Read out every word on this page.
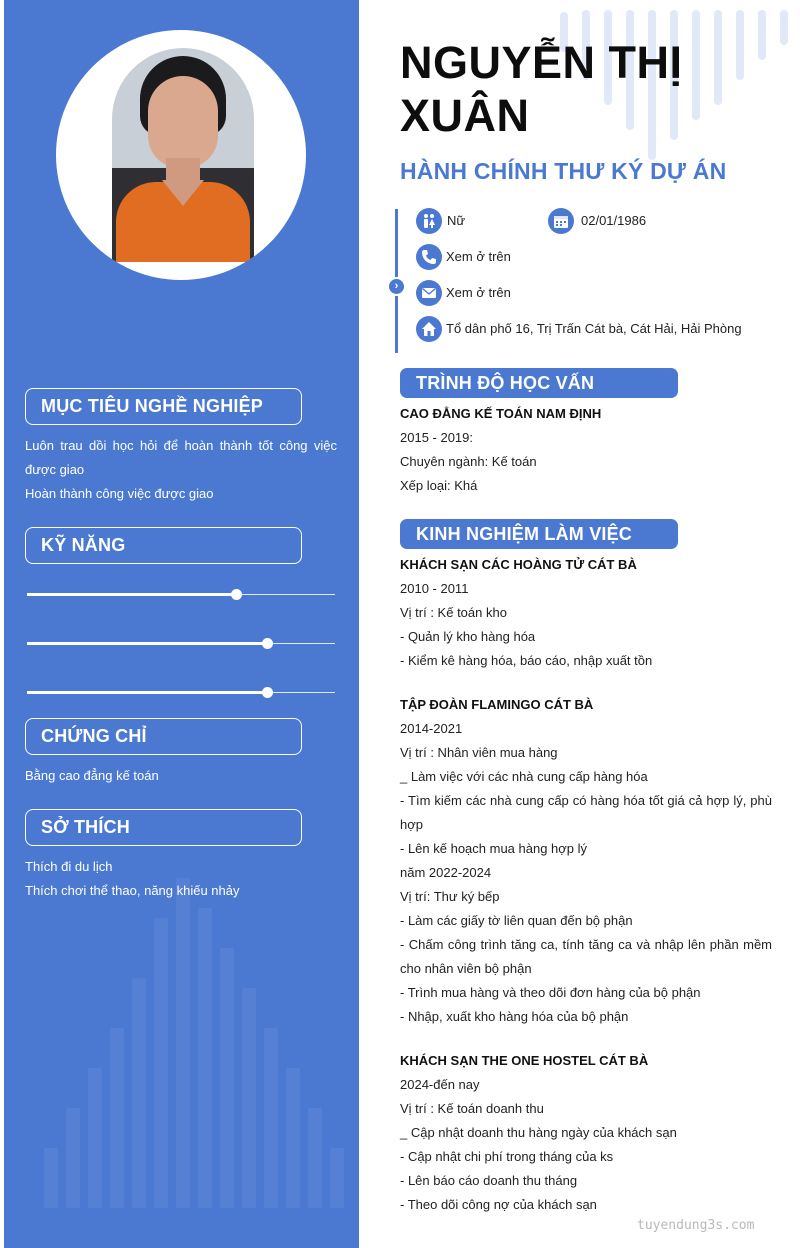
MỤC TIÊU NGHỀ NGHIỆP
Luôn trau dồi học hỏi để hoàn thành tốt công việc được giao
Hoàn thành công việc được giao
KỸ NĂNG
CHỨNG CHỈ
Bằng cao đẳng kế toán
SỞ THÍCH
Thích đi du lịch
Thích chơi thể thao, năng khiếu nhảy
NGUYỄN THỊ XUÂN
HÀNH CHÍNH THƯ KÝ DỰ ÁN
›
Nữ	02/01/1986
Xem ở trên
Xem ở trên
Tổ dân phố 16, Trị Trấn Cát bà, Cát Hải, Hải Phòng
TRÌNH ĐỘ HỌC VẤN
CAO ĐẲNG KẾ TOÁN NAM ĐỊNH
2015 - 2019:
Chuyên ngành: Kế toán
Xếp loại: Khá
KINH NGHIỆM LÀM VIỆC
KHÁCH SẠN CÁC HOÀNG TỬ CÁT BÀ
2010 - 2011
Vị trí : Kế toán kho
- Quản lý kho hàng hóa
- Kiểm kê hàng hóa, báo cáo, nhập xuất tồn
TẬP ĐOÀN FLAMINGO CÁT BÀ
2014-2021
Vị trí : Nhân viên mua hàng
_ Làm việc với các nhà cung cấp hàng hóa
- Tìm kiếm các nhà cung cấp có hàng hóa tốt giá cả hợp lý, phù hợp
- Lên kế hoạch mua hàng hợp lý
năm 2022-2024
Vị trí: Thư ký bếp
- Làm các giấy tờ liên quan đến bộ phận
- Chấm công trình tăng ca, tính tăng ca và nhập lên phần mềm cho nhân viên bộ phận
- Trình mua hàng và theo dõi đơn hàng của bộ phận
- Nhập, xuất kho hàng hóa của bộ phận
KHÁCH SẠN THE ONE HOSTEL CÁT BÀ
2024-đến nay
Vị trí : Kế toán doanh thu
_ Cập nhật doanh thu hàng ngày của khách sạn
- Cập nhật chi phí trong tháng của ks
- Lên báo cáo doanh thu tháng
- Theo dõi công nợ của khách sạn
tuyendung3s.com
